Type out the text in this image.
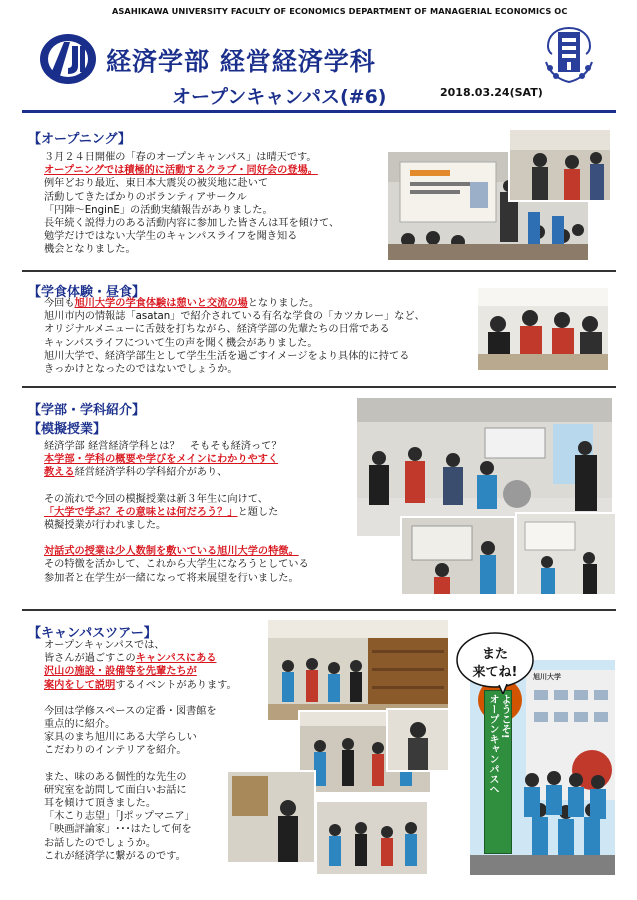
ASAHIKAWA UNIVERSITY FACULTY OF ECONOMICS DEPARTMENT OF MANAGERIAL ECONOMICS OC
経済学部 経営経済学科
オープンキャンパス(#6)	2018.03.24(SAT)
【オープニング】

３月２４日開催の「春のオープンキャンパス」は晴天です。

オープニングでは積極的に活動するクラブ・同好会の登場。

例年どおり最近、東日本大震災の被災地に赴いて

活動してきたばかりのボランティアサークル

「円陣～EnginE」の活動実績報告がありました。

長年続く説得力のある活動内容に参加した皆さんは耳を傾けて、

勉学だけではない大学生のキャンパスライフを聞き知る

機会となりました。

【学食体験・昼食】

今回も旭川大学の学食体験は憩いと交流の場となりました。

旭川市内の情報誌「asatan」で紹介されている有名な学食の「カツカレー」など、

オリジナルメニューに舌鼓を打ちながら、経済学部の先輩たちの日常である

キャンパスライフについて生の声を聞く機会がありました。

旭川大学で、経済学部生として学生生活を過ごすイメージをより具体的に持てる

きっかけとなったのではないでしょうか。

【学部・学科紹介】
【模擬授業】

経済学部 経営経済学科とは？　そもそも経済って？

本学部・学科の概要や学びをメインにわかりやすく

教える経営経済学科の学科紹介があり、

その流れで今回の模擬授業は新３年生に向けて、

「大学で学ぶ？その意味とは何だろう？」と題した

模擬授業が行われました。

対話式の授業は少人数制を敷いている旭川大学の特徴。

その特徴を活かして、これから大学生になろうとしている

参加者と在学生が一緒になって将来展望を行いました。

【キャンパスツアー】

オープンキャンパスでは、

皆さんが過ごすこのキャンパスにある

沢山の施設・設備等を先輩たちが

案内をして説明するイベントがあります。

今回は学修スペースの定番・図書館を

重点的に紹介。

家具のまち旭川にある大学らしい

こだわりのインテリアを紹介。

また、味のある個性的な先生の

研究室を訪問して面白いお話に

耳を傾けて頂きました。

「木こり志望」「Jポップマニア」

「映画評論家」･･･はたして何を

お話したのでしょうか。

これが経済学に繋がるのです。

旭川大学
ようこそ!
オープンキャンパスへ
また
来てね!
